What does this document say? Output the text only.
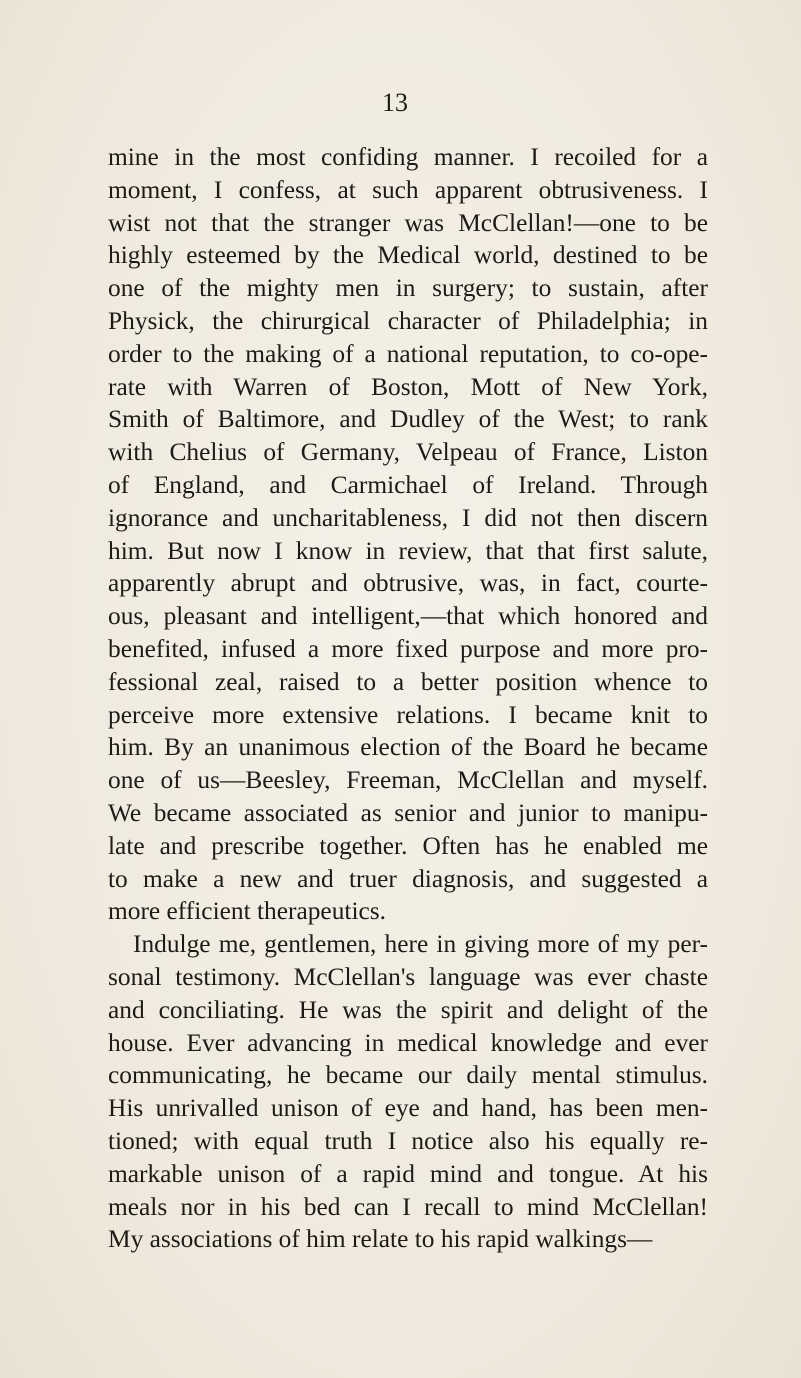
13
mine in the most confiding manner. I recoiled for a
moment, I confess, at such apparent obtrusiveness. I
wist not that the stranger was McClellan!—one to be
highly esteemed by the Medical world, destined to be
one of the mighty men in surgery; to sustain, after
Physick, the chirurgical character of Philadelphia; in
order to the making of a national reputation, to co-ope-
rate with Warren of Boston, Mott of New York,
Smith of Baltimore, and Dudley of the West; to rank
with Chelius of Germany, Velpeau of France, Liston
of England, and Carmichael of Ireland. Through
ignorance and uncharitableness, I did not then discern
him. But now I know in review, that that first salute,
apparently abrupt and obtrusive, was, in fact, courte-
ous, pleasant and intelligent,—that which honored and
benefited, infused a more fixed purpose and more pro-
fessional zeal, raised to a better position whence to
perceive more extensive relations. I became knit to
him. By an unanimous election of the Board he became
one of us—Beesley, Freeman, McClellan and myself.
We became associated as senior and junior to manipu-
late and prescribe together. Often has he enabled me
to make a new and truer diagnosis, and suggested a
more efficient therapeutics.
Indulge me, gentlemen, here in giving more of my per-
sonal testimony. McClellan's language was ever chaste
and conciliating. He was the spirit and delight of the
house. Ever advancing in medical knowledge and ever
communicating, he became our daily mental stimulus.
His unrivalled unison of eye and hand, has been men-
tioned; with equal truth I notice also his equally re-
markable unison of a rapid mind and tongue. At his
meals nor in his bed can I recall to mind McClellan!
My associations of him relate to his rapid walkings—
